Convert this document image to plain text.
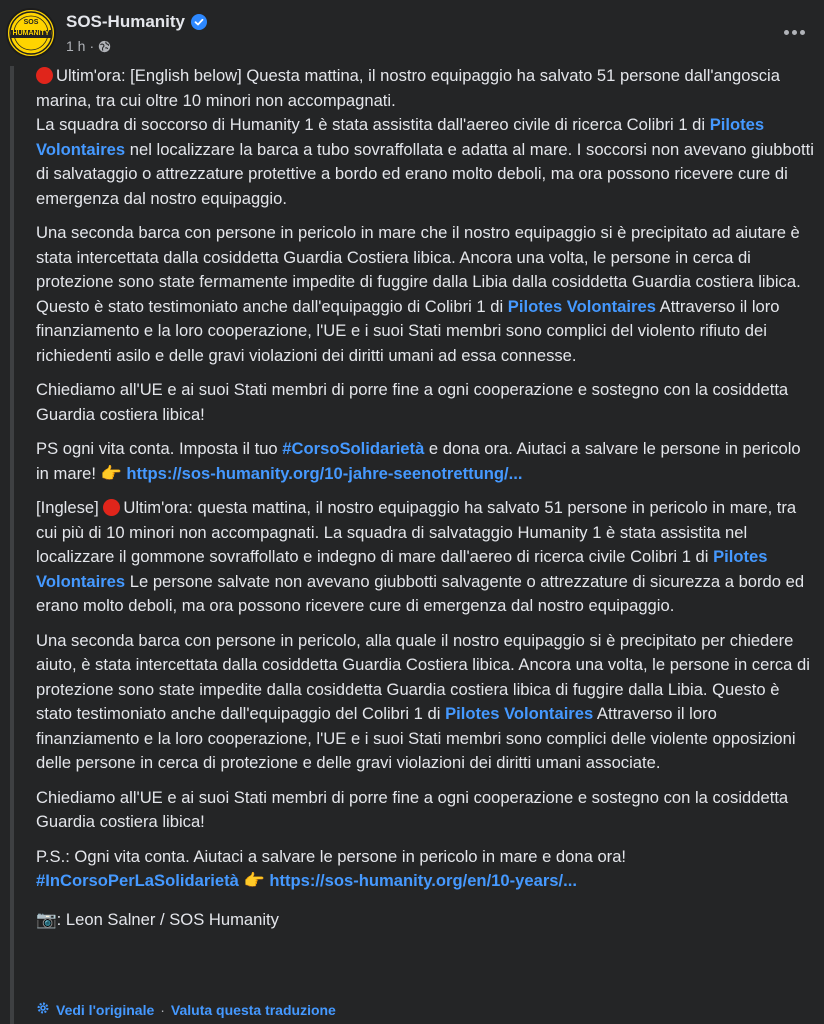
SOS
HUMANITY
SOS-Humanity
1 h ·

Ultim'ora: [English below] Questa mattina, il nostro equipaggio ha salvato 51 persone dall'angoscia marina, tra cui oltre 10 minori non accompagnati.
La squadra di soccorso di Humanity 1 è stata assistita dall'aereo civile di ricerca Colibri 1 di Pilotes Volontaires nel localizzare la barca a tubo sovraffollata e adatta al mare. I soccorsi non avevano giubbotti di salvataggio o attrezzature protettive a bordo ed erano molto deboli, ma ora possono ricevere cure di emergenza dal nostro equipaggio.

Una seconda barca con persone in pericolo in mare che il nostro equipaggio si è precipitato ad aiutare è stata intercettata dalla cosiddetta Guardia Costiera libica. Ancora una volta, le persone in cerca di protezione sono state fermamente impedite di fuggire dalla Libia dalla cosiddetta Guardia costiera libica. Questo è stato testimoniato anche dall'equipaggio di Colibri 1 di Pilotes Volontaires Attraverso il loro finanziamento e la loro cooperazione, l'UE e i suoi Stati membri sono complici del violento rifiuto dei richiedenti asilo e delle gravi violazioni dei diritti umani ad essa connesse.

Chiediamo all'UE e ai suoi Stati membri di porre fine a ogni cooperazione e sostegno con la cosiddetta Guardia costiera libica!

PS ogni vita conta. Imposta il tuo #CorsoSolidarietà e dona ora. Aiutaci a salvare le persone in pericolo in mare! 👉 https://sos-humanity.org/10-jahre-seenotrettung/...

[Inglese] Ultim'ora: questa mattina, il nostro equipaggio ha salvato 51 persone in pericolo in mare, tra cui più di 10 minori non accompagnati. La squadra di salvataggio Humanity 1 è stata assistita nel localizzare il gommone sovraffollato e indegno di mare dall'aereo di ricerca civile Colibri 1 di Pilotes Volontaires Le persone salvate non avevano giubbotti salvagente o attrezzature di sicurezza a bordo ed erano molto deboli, ma ora possono ricevere cure di emergenza dal nostro equipaggio.

Una seconda barca con persone in pericolo, alla quale il nostro equipaggio si è precipitato per chiedere aiuto, è stata intercettata dalla cosiddetta Guardia Costiera libica. Ancora una volta, le persone in cerca di protezione sono state impedite dalla cosiddetta Guardia costiera libica di fuggire dalla Libia. Questo è stato testimoniato anche dall'equipaggio del Colibri 1 di Pilotes Volontaires Attraverso il loro finanziamento e la loro cooperazione, l'UE e i suoi Stati membri sono complici delle violente opposizioni delle persone in cerca di protezione e delle gravi violazioni dei diritti umani associate.

Chiediamo all'UE e ai suoi Stati membri di porre fine a ogni cooperazione e sostegno con la cosiddetta Guardia costiera libica!

P.S.: Ogni vita conta. Aiutaci a salvare le persone in pericolo in mare e dona ora!
#InCorsoPerLaSolidarietà 👉 https://sos-humanity.org/en/10-years/...

📷: Leon Salner / SOS Humanity

Vedi l'originale · Valuta questa traduzione
